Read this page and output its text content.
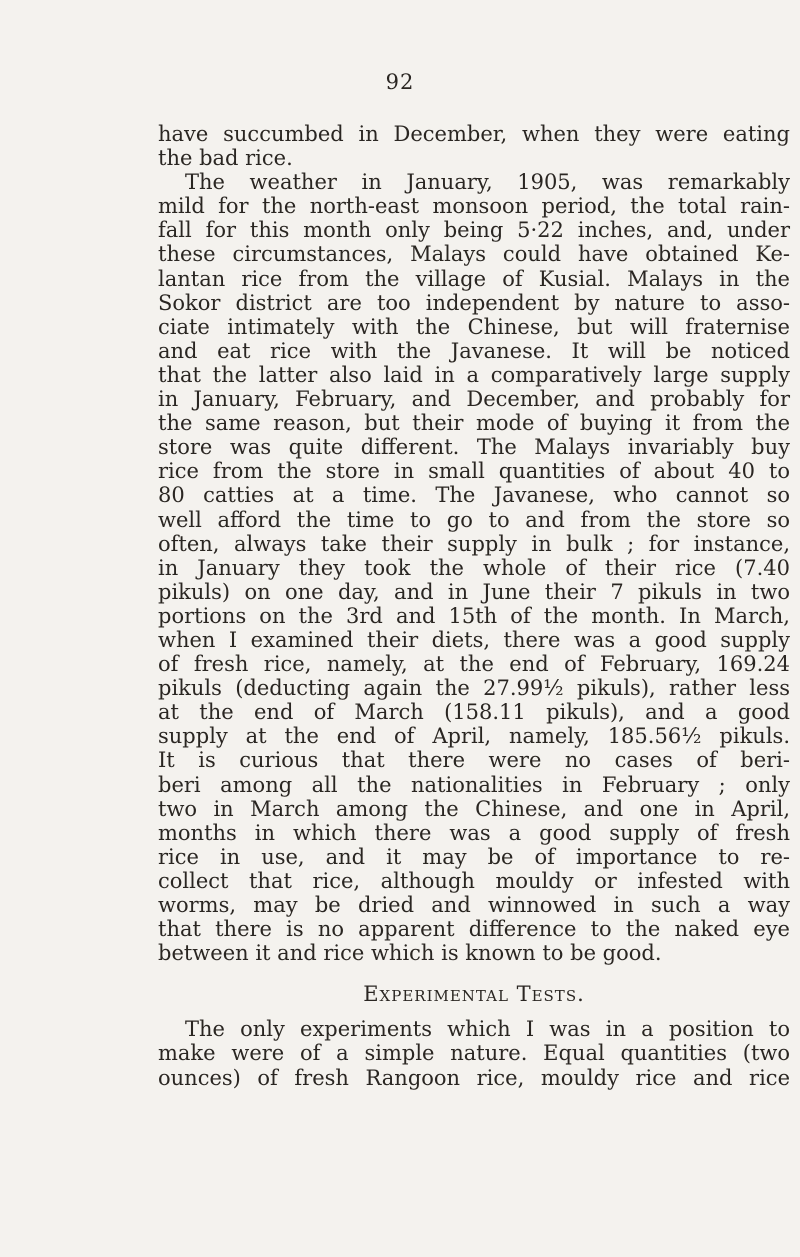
92
have succumbed in December, when they were eating
the bad rice.
The weather in January, 1905, was remarkably
mild for the north-east monsoon period, the total rain-
fall for this month only being 5·22 inches, and, under
these circumstances, Malays could have obtained Ke-
lantan rice from the village of Kusial. Malays in the
Sokor district are too independent by nature to asso-
ciate intimately with the Chinese, but will fraternise
and eat rice with the Javanese. It will be noticed
that the latter also laid in a comparatively large supply
in January, February, and December, and probably for
the same reason, but their mode of buying it from the
store was quite different. The Malays invariably buy
rice from the store in small quantities of about 40 to
80 catties at a time. The Javanese, who cannot so
well afford the time to go to and from the store so
often, always take their supply in bulk ; for instance,
in January they took the whole of their rice (7.40
pikuls) on one day, and in June their 7 pikuls in two
portions on the 3rd and 15th of the month. In March,
when I examined their diets, there was a good supply
of fresh rice, namely, at the end of February, 169.24
pikuls (deducting again the 27.99½ pikuls), rather less
at the end of March (158.11 pikuls), and a good
supply at the end of April, namely, 185.56½ pikuls.
It is curious that there were no cases of beri-
beri among all the nationalities in February ; only
two in March among the Chinese, and one in April,
months in which there was a good supply of fresh
rice in use, and it may be of importance to re-
collect that rice, although mouldy or infested with
worms, may be dried and winnowed in such a way
that there is no apparent difference to the naked eye
between it and rice which is known to be good.
Experimental Tests.
The only experiments which I was in a position to
make were of a simple nature. Equal quantities (two
ounces) of fresh Rangoon rice, mouldy rice and rice
